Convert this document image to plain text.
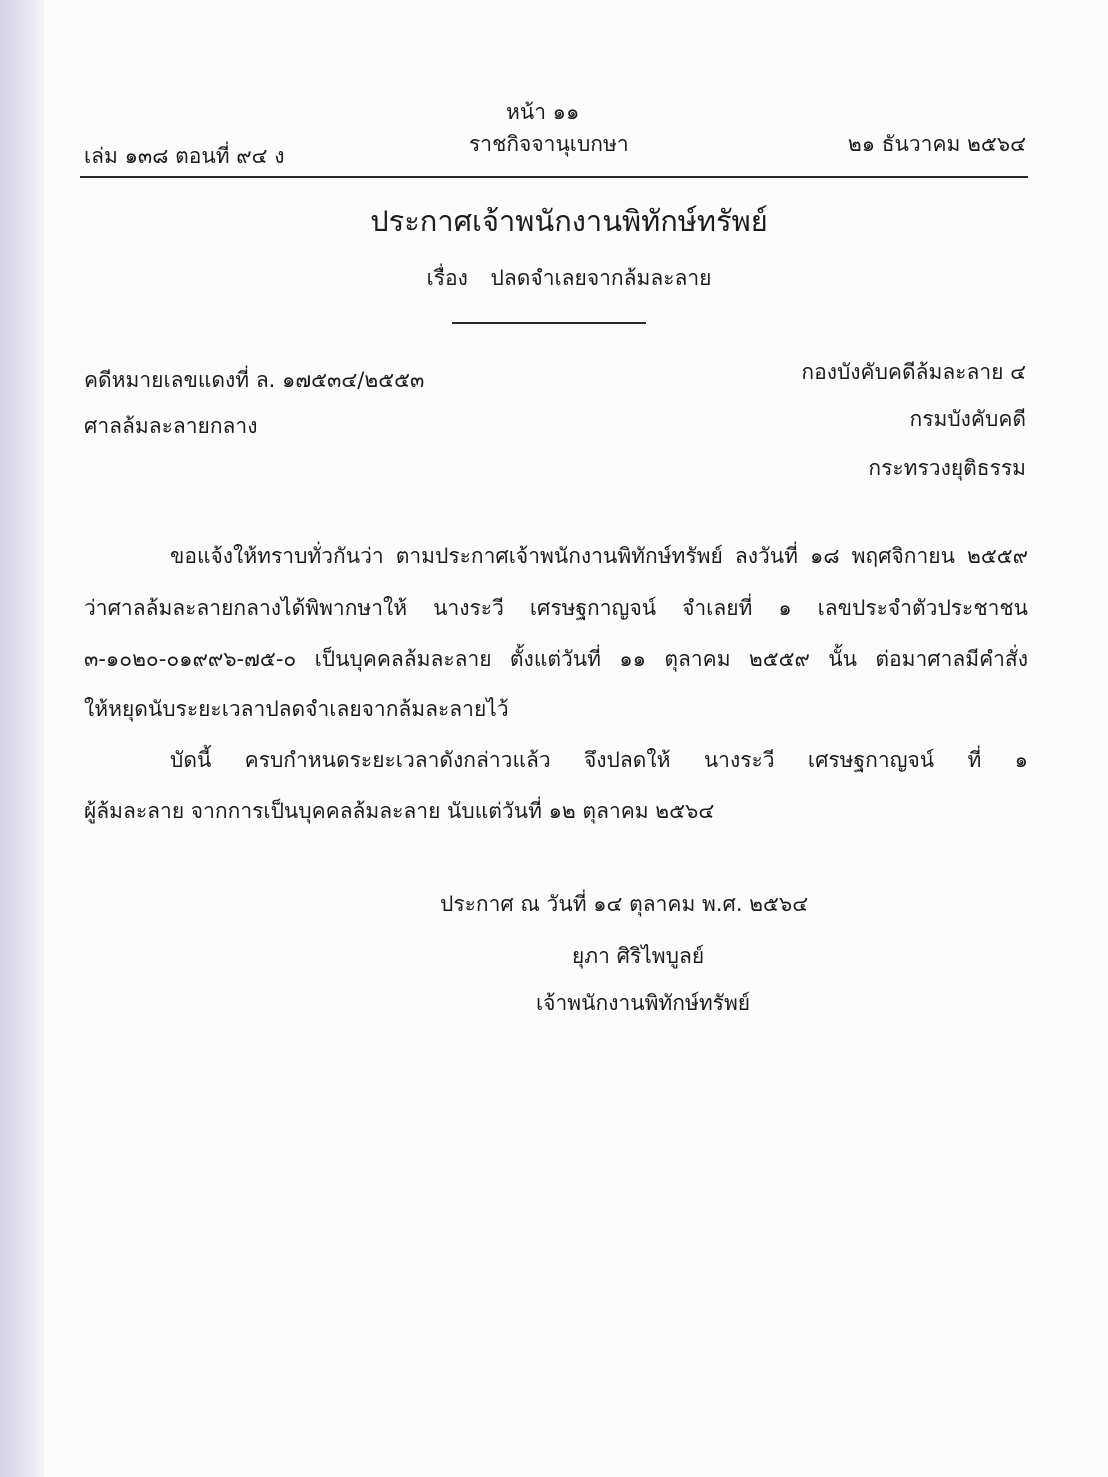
หน้า ๑๑
เล่ม ๑๓๘ ตอนที่ ๙๔ ง	ราชกิจจานุเบกษา	๒๑ ธันวาคม ๒๕๖๔
ประกาศเจ้าพนักงานพิทักษ์ทรัพย์
เรื่อง ปลดจำเลยจากล้มละลาย
คดีหมายเลขแดงที่ ล. ๑๗๕๓๔/๒๕๕๓
ศาลล้มละลายกลาง
กองบังคับคดีล้มละลาย ๔
กรมบังคับคดี
กระทรวงยุติธรรม
ขอแจ้งให้ทราบทั่วกันว่า ตามประกาศเจ้าพนักงานพิทักษ์ทรัพย์ ลงวันที่ ๑๘ พฤศจิกายน ๒๕๕๙
ว่าศาลล้มละลายกลางได้พิพากษาให้ นางระวี เศรษฐกาญจน์ จำเลยที่ ๑ เลขประจำตัวประชาชน
๓-๑๐๒๐-๐๑๙๙๖-๗๕-๐ เป็นบุคคลล้มละลาย ตั้งแต่วันที่ ๑๑ ตุลาคม ๒๕๕๙ นั้น ต่อมาศาลมีคำสั่ง
ให้หยุดนับระยะเวลาปลดจำเลยจากล้มละลายไว้
บัดนี้ ครบกำหนดระยะเวลาดังกล่าวแล้ว จึงปลดให้ นางระวี เศรษฐกาญจน์ ที่ ๑
ผู้ล้มละลาย จากการเป็นบุคคลล้มละลาย นับแต่วันที่ ๑๒ ตุลาคม ๒๕๖๔
ประกาศ ณ วันที่ ๑๔ ตุลาคม พ.ศ. ๒๕๖๔
ยุภา ศิริไพบูลย์
เจ้าพนักงานพิทักษ์ทรัพย์
